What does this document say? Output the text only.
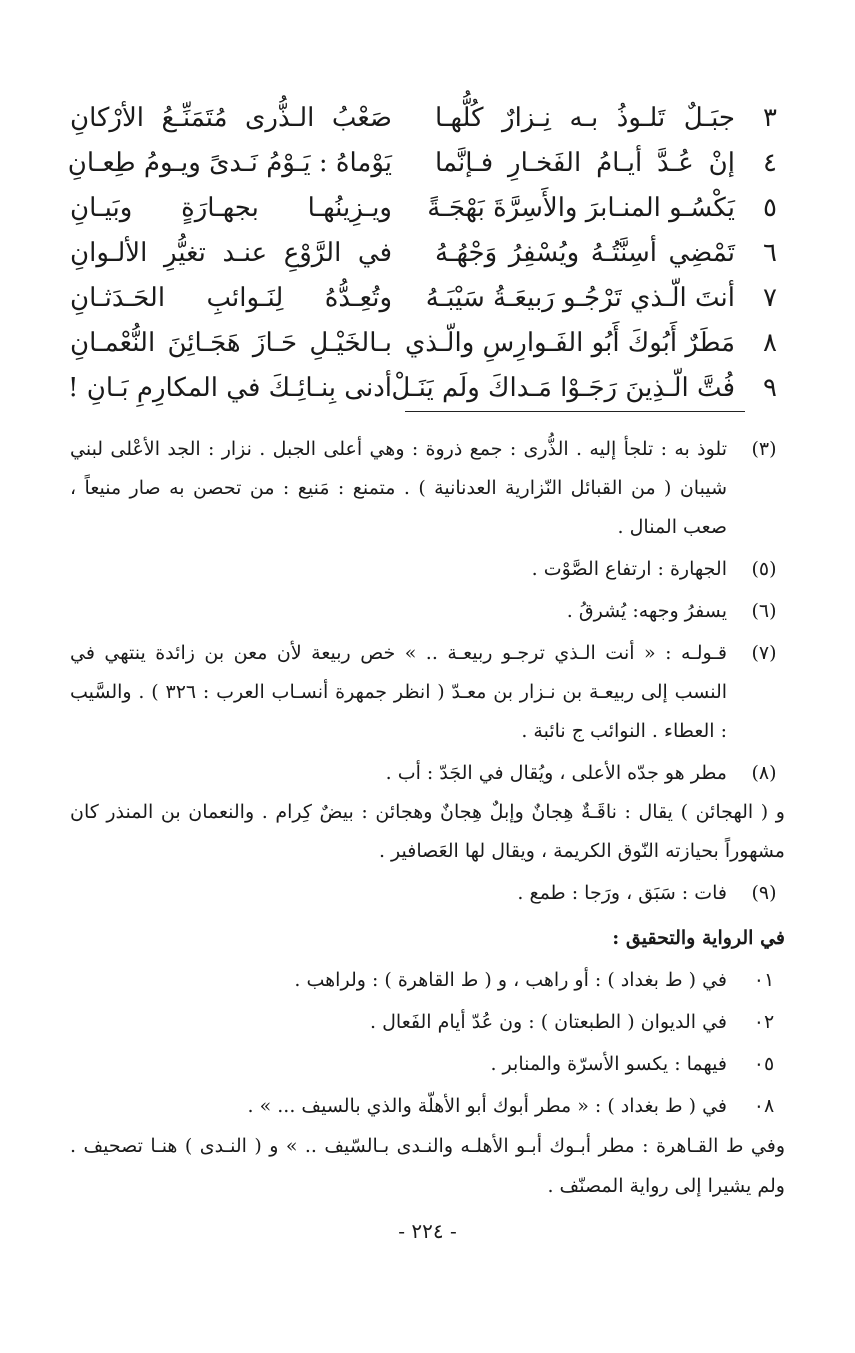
٣
جبَـلٌ تَلـوذُ بـه نِـزارٌ كُلُّهـا
صَعْبُ الـذُّرى مُتَمَنِّـعُ الأرْكانِ
٤
إنْ عُـدَّ أيـامُ الفَخـارِ فـإنَّما
يَوْماهُ : يَـوْمُ نَـدىً ويـومُ طِعـانِ
٥
يَكْسُـو المنـابرَ والأَسِرَّةَ بَهْجَـةً
ويـزِينُهـا بجهـارَةٍ وبَيـانِ
٦
تَمْضِي أسِنَّتُـهُ ويُسْفِرُ وَجْهُـهُ
في الرَّوْعِ عنـد تغيُّرِ الألـوانِ
٧
أنتَ الّـذي تَرْجُـو رَبيعَـةُ سَيْبَـهُ
وتُعِـدُّهُ لِنَـوائبِ الحَـدَثـانِ
٨
مَطَرٌ أَبُوكَ أَبُو الفَـوارِسِ والّـذي
بـالخَيْـلِ حَـازَ هَجَـائِنَ النُّعْمـانِ
٩
فُتَّ الّـذِينَ رَجَـوْا مَـداكَ ولَم يَنَـلْ
أدنى بِنـائِـكَ في المكارِمِ بَـانِ !
(٣)

تلوذ به : تلجأ إليه . الذُّرى : جمع ذروة : وهي أعلى الجبل . نزار : الجد الأعْلى لبني شيبان ( من القبائل النّزارية العدنانية ) . متمنع : مَنيع : من تحصن به صار منيعاً ، صعب المنال .

(٥)

الجهارة : ارتفاع الصَّوْت .

(٦)

يسفرُ وجهه: يُشرقُ .

(٧)

قـولـه : « أنت الـذي ترجـو ربيعـة .. » خص ربيعة لأن معن بن زائدة ينتهي في النسب إلى ربيعـة بن نـزار بن معـدّ ( انظر جمهرة أنسـاب العرب : ٣٢٦ ) . والسَّيب : العطاء . النوائب ج نائبة .

(٨)

مطر هو جدّه الأعلى ، ويُقال في الجَدّ : أب .

و ( الهجائن ) يقال : ناقَـةٌ هِجانٌ وإبلٌ هِجانٌ وهجائن : بيضٌ كِرام . والنعمان بن المنذر كان مشهوراً بحيازته النّوق الكريمة ، ويقال لها العَصافير .

(٩)

فات : سَبَق ، ورَجا : طمع .

في الرواية والتحقيق :
٠١

في ( ط بغداد ) : أو راهب ، و ( ط القاهرة ) : ولراهب .

٠٢

في الديوان ( الطبعتان ) : ون عُدّ أيام الفَعال .

٠٥

فيهما : يكسو الأسرّة والمنابر .

٠٨

في ( ط بغداد ) : « مطر أبوك أبو الأهلّة والذي بالسيف ... » .

وفي ط القـاهرة : مطر أبـوك أبـو الأهلـه والنـدى بـالسّيف .. » و ( النـدى ) هنـا تصحيف . ولم يشيرا إلى رواية المصنّف .

- ٢٢٤ -
